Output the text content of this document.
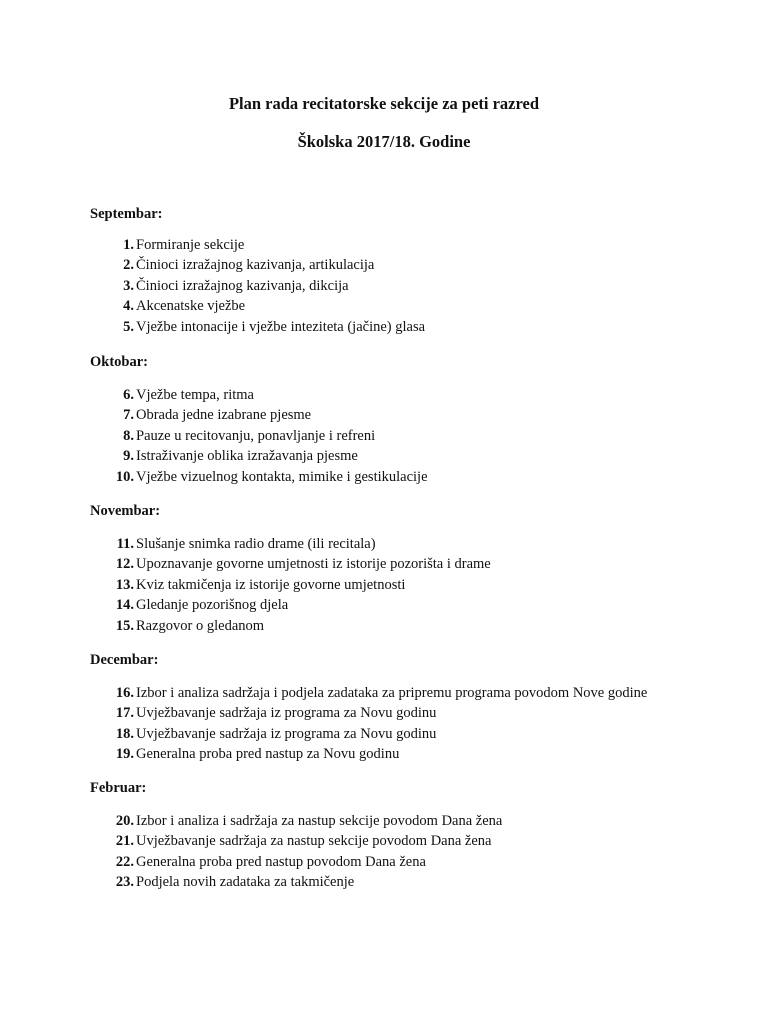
Plan rada recitatorske sekcije za peti razred
Školska 2017/18. Godine

Septembar:

1. Formiranje sekcije
2. Činioci izražajnog kazivanja, artikulacija
3. Činioci izražajnog kazivanja, dikcija
4. Akcenatske vježbe
5. Vježbe intonacije i vježbe inteziteta (jačine) glasa

Oktobar:

6. Vježbe tempa, ritma
7. Obrada jedne izabrane pjesme
8. Pauze u recitovanju, ponavljanje i refreni
9. Istraživanje oblika izražavanja pjesme
10. Vježbe vizuelnog kontakta, mimike i gestikulacije

Novembar:

11. Slušanje snimka radio drame (ili recitala)
12. Upoznavanje govorne umjetnosti iz istorije pozorišta i drame
13. Kviz takmičenja iz istorije govorne umjetnosti
14. Gledanje pozorišnog djela
15. Razgovor o gledanom

Decembar:

16. Izbor i analiza sadržaja i podjela zadataka za pripremu programa povodom Nove godine
17. Uvježbavanje sadržaja iz programa za Novu godinu
18. Uvježbavanje sadržaja iz programa za Novu godinu
19. Generalna proba pred nastup za Novu godinu

Februar:

20. Izbor i analiza i sadržaja za nastup sekcije povodom Dana žena
21. Uvježbavanje sadržaja za nastup sekcije povodom Dana žena
22. Generalna proba pred nastup povodom Dana žena
23. Podjela novih zadataka za takmičenje
